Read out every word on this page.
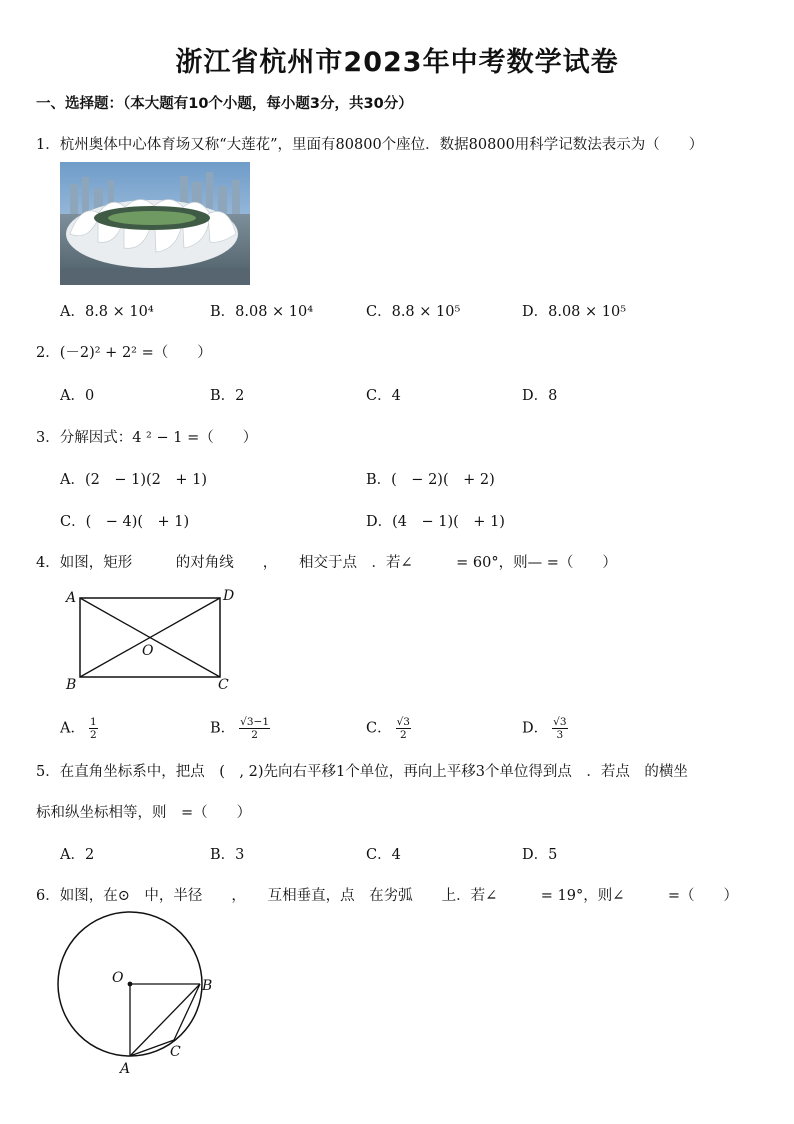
浙江省杭州市2023年中考数学试卷
一、选择题：（本大题有10个小题，每小题3分，共30分）
1．杭州奥体中心体育场又称“大莲花”，里面有80800个座位．数据80800用科学记数法表示为（　　）
A．8.8 × 10⁴	B．8.08 × 10⁴	C．8.8 × 10⁵	D．8.08 × 10⁵
2．(－2)² + 2² =（　　）
A．0	B．2	C．4	D．8
3．分解因式：4 ² − 1 =（　　）
A．(2　− 1)(2　+ 1)	B．(　− 2)(　+ 2)
C．(　− 4)(　+ 1)	D．(4　− 1)(　+ 1)
4．如图，矩形　　　的对角线　　，　　相交于点　．若∠　　　= 60°，则— =（　　）
A	D
B	C
O
A． $\frac{1}{2}$	B． $\frac{√3-1}{2}$	C． $\frac{√3}{2}$	D． $\frac{√3}{3}$
5．在直角坐标系中，把点　(　, 2)先向右平移1个单位，再向上平移3个单位得到点　．若点　的横坐
标和纵坐标相等，则　=（　　）
A．2	B．3	C．4	D．5
6．如图，在⊙　中，半径　　，　　互相垂直，点　在劣弧　　上．若∠　　　= 19°，则∠　　　=（　　）
O	B
A
C
